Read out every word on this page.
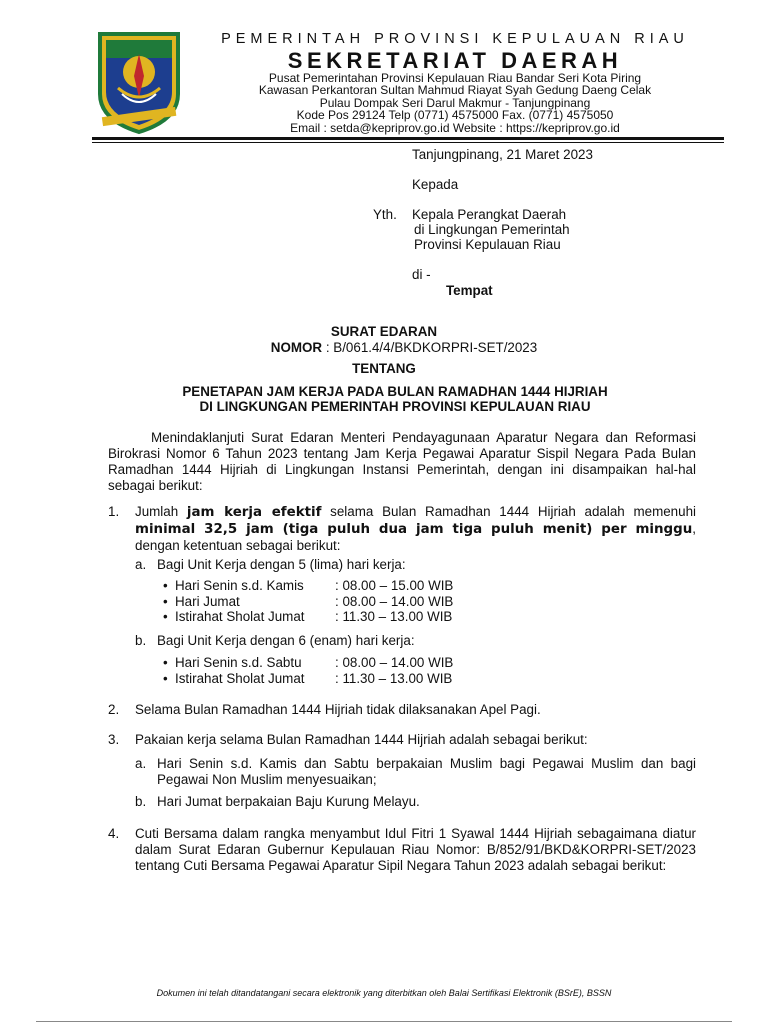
PEMERINTAH PROVINSI KEPULAUAN RIAU
SEKRETARIAT DAERAH
Pusat Pemerintahan Provinsi Kepulauan Riau Bandar Seri Kota Piring
Kawasan Perkantoran Sultan Mahmud Riayat Syah Gedung Daeng Celak
Pulau Dompak Seri Darul Makmur - Tanjungpinang
Kode Pos 29124 Telp (0771) 4575000 Fax. (0771) 4575050
Email : setda@kepriprov.go.id Website : https://kepriprov.go.id
Tanjungpinang, 21 Maret 2023
Kepada
Yth. Kepala Perangkat Daerah
di Lingkungan Pemerintah
Provinsi Kepulauan Riau
di -
Tempat
SURAT EDARAN
NOMOR : B/061.4/4/BKDKORPRI-SET/2023
TENTANG
PENETAPAN JAM KERJA PADA BULAN RAMADHAN 1444 HIJRIAH
DI LINGKUNGAN PEMERINTAH PROVINSI KEPULAUAN RIAU
Menindaklanjuti Surat Edaran Menteri Pendayagunaan Aparatur Negara dan Reformasi Birokrasi Nomor 6 Tahun 2023 tentang Jam Kerja Pegawai Aparatur Sispil Negara Pada Bulan Ramadhan 1444 Hijriah di Lingkungan Instansi Pemerintah, dengan ini disampaikan hal-hal sebagai berikut:
1. Jumlah jam kerja efektif selama Bulan Ramadhan 1444 Hijriah adalah memenuhi minimal 32,5 jam (tiga puluh dua jam tiga puluh menit) per minggu, dengan ketentuan sebagai berikut:
a. Bagi Unit Kerja dengan 5 (lima) hari kerja:
• Hari Senin s.d. Kamis : 08.00 – 15.00 WIB
• Hari Jumat	: 08.00 – 14.00 WIB
• Istirahat Sholat Jumat : 11.30 – 13.00 WIB
b. Bagi Unit Kerja dengan 6 (enam) hari kerja:
• Hari Senin s.d. Sabtu : 08.00 – 14.00 WIB
• Istirahat Sholat Jumat : 11.30 – 13.00 WIB
2. Selama Bulan Ramadhan 1444 Hijriah tidak dilaksanakan Apel Pagi.
3. Pakaian kerja selama Bulan Ramadhan 1444 Hijriah adalah sebagai berikut:
a. Hari Senin s.d. Kamis dan Sabtu berpakaian Muslim bagi Pegawai Muslim dan bagi Pegawai Non Muslim menyesuaikan;
b. Hari Jumat berpakaian Baju Kurung Melayu.
4. Cuti Bersama dalam rangka menyambut Idul Fitri 1 Syawal 1444 Hijriah sebagaimana diatur dalam Surat Edaran Gubernur Kepulauan Riau Nomor: B/852/91/BKD&KORPRI-SET/2023 tentang Cuti Bersama Pegawai Aparatur Sipil Negara Tahun 2023 adalah sebagai berikut:
Dokumen ini telah ditandatangani secara elektronik yang diterbitkan oleh Balai Sertifikasi Elektronik (BSrE), BSSN
